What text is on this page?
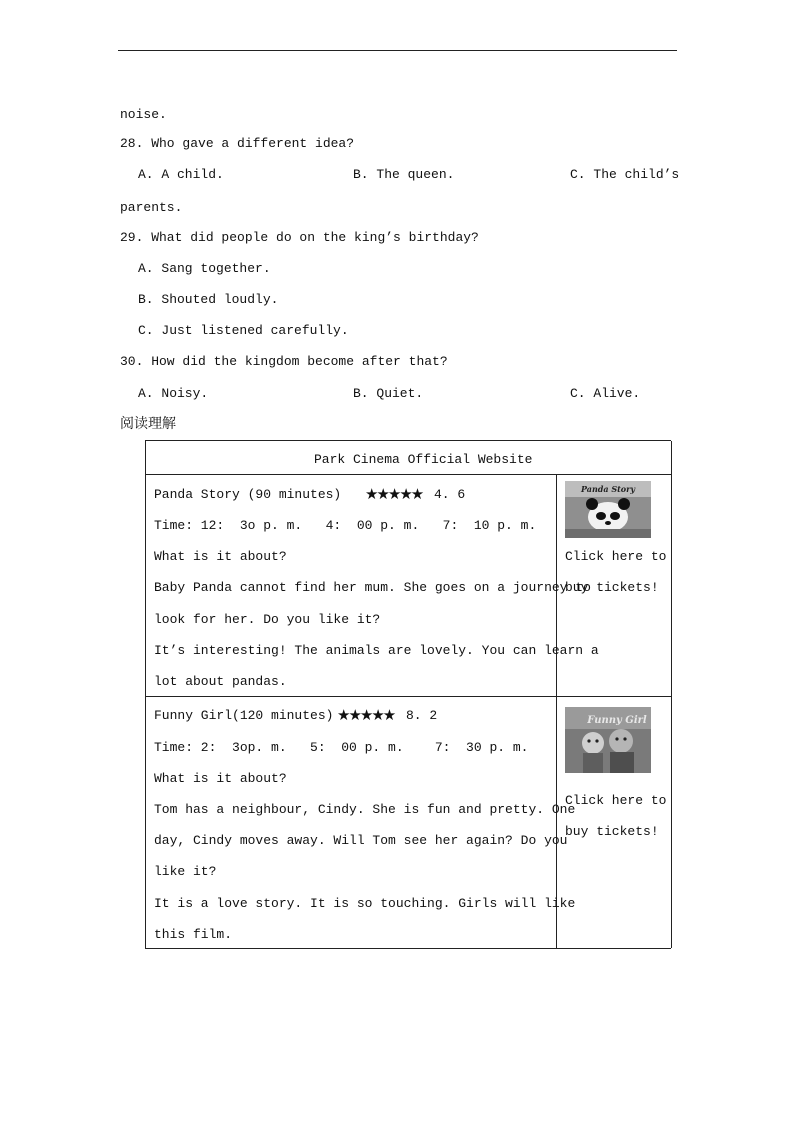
noise.
28. Who gave a different idea?
A. A child.	B. The queen.	C. The child’s
parents.
29. What did people do on the king’s birthday?
A. Sang together.
B. Shouted loudly.
C. Just listened carefully.
30. How did the kingdom become after that?
A. Noisy.	B. Quiet.	C. Alive.
阅读理解
Park Cinema Official Website
Panda Story (90 minutes) ★★★★★ 4. 6
Time: 12:  3o p. m.   4:  00 p. m.   7:  10 p. m.
What is it about?
Baby Panda cannot find her mum. She goes on a journey to
look for her. Do you like it?
It’s interesting! The animals are lovely. You can learn a
lot about pandas.
Panda Story
Click here to
buy tickets!
Funny Girl(120 minutes) ★★★★★ 8. 2
Time: 2:  3op. m.   5:  00 p. m.    7:  30 p. m.
What is it about?
Tom has a neighbour, Cindy. She is fun and pretty. One
day, Cindy moves away. Will Tom see her again? Do you
like it?
It is a love story. It is so touching. Girls will like
this film.
Funny Girl
Click here to
buy tickets!
